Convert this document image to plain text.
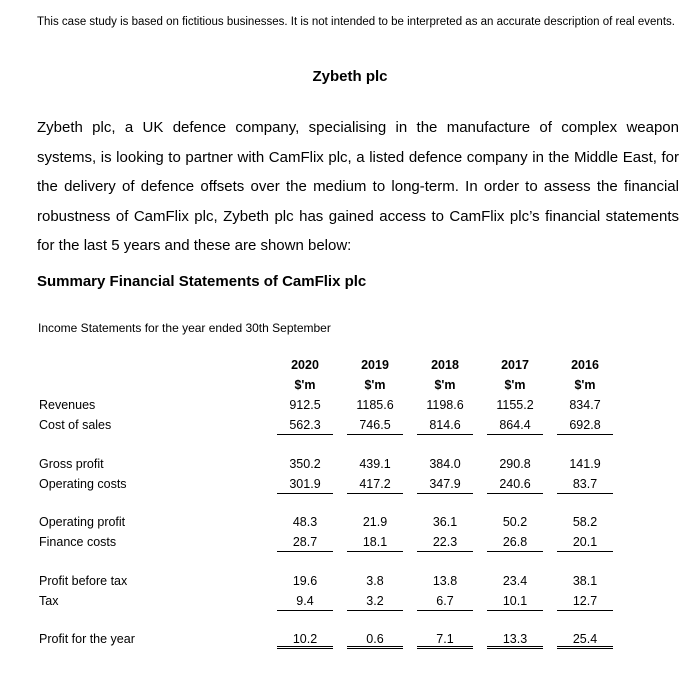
This case study is based on fictitious businesses. It is not intended to be interpreted as an accurate description of real events.
Zybeth plc
Zybeth plc, a UK defence company, specialising in the manufacture of complex weapon systems, is looking to partner with CamFlix plc, a listed defence company in the Middle East, for the delivery of defence offsets over the medium to long-term. In order to assess the financial robustness of CamFlix plc, Zybeth plc has gained access to CamFlix plc’s financial statements for the last 5 years and these are shown below:
Summary Financial Statements of CamFlix plc
Income Statements for the year ended 30th September
2020	2019	2018	2017	2016
$'m	$'m	$'m	$'m	$'m
Revenues	912.5	1185.6	1198.6	1155.2	834.7
Cost of sales	562.3	746.5	814.6	864.4	692.8
Gross profit	350.2	439.1	384.0	290.8	141.9
Operating costs	301.9	417.2	347.9	240.6	83.7
Operating profit	48.3	21.9	36.1	50.2	58.2
Finance costs	28.7	18.1	22.3	26.8	20.1
Profit before tax	19.6	3.8	13.8	23.4	38.1
Tax	9.4	3.2	6.7	10.1	12.7
Profit for the year	10.2	0.6	7.1	13.3	25.4
